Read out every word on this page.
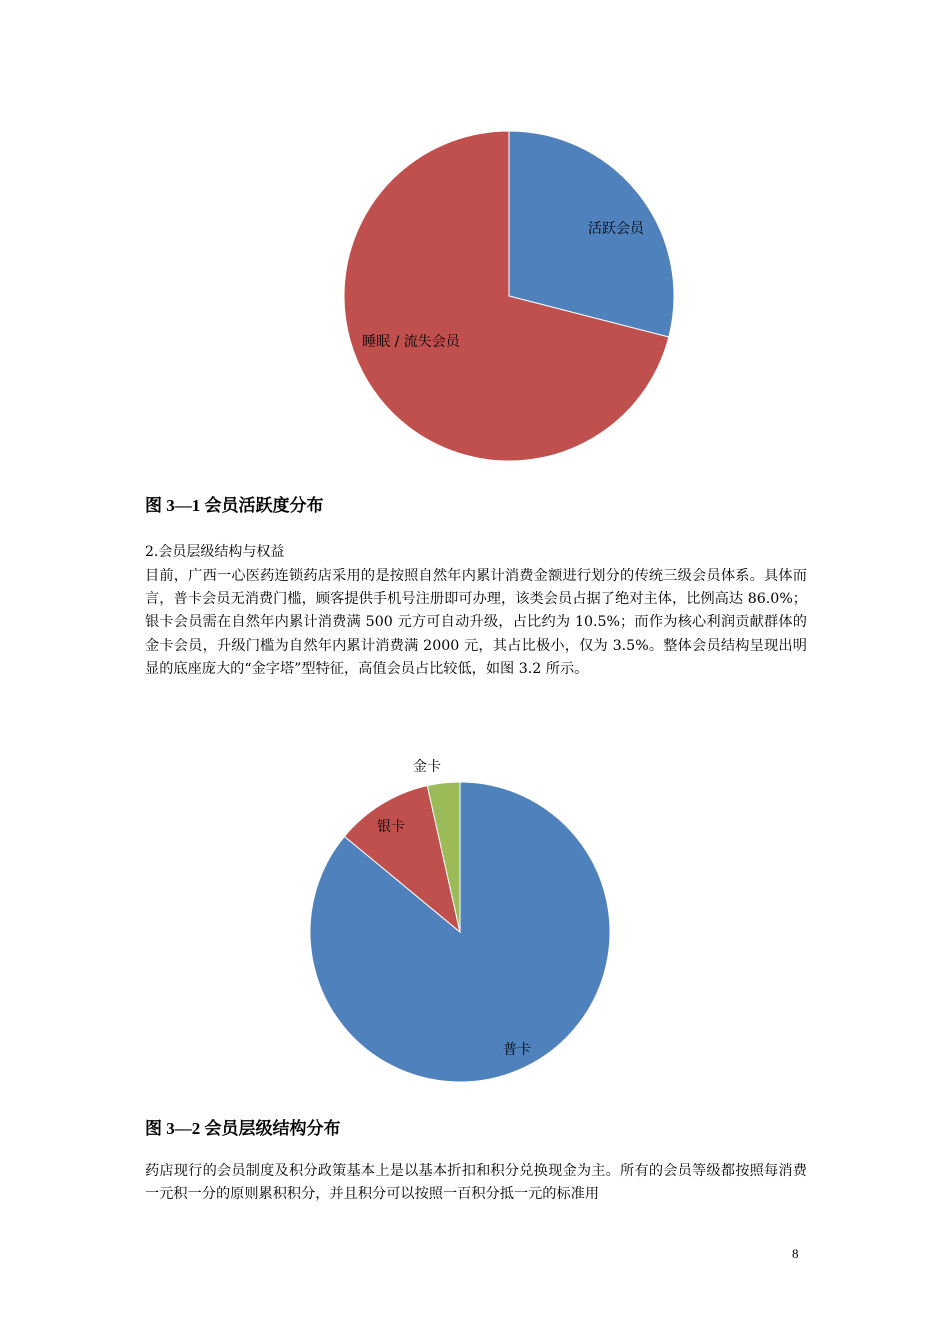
活跃会员
睡眠 / 流失会员
图 3—1 会员活跃度分布
2.会员层级结构与权益
目前，广西一心医药连锁药店采用的是按照自然年内累计消费金额进行划分的传统三级会员体系。具体而言，普卡会员无消费门槛，顾客提供手机号注册即可办理，该类会员占据了绝对主体，比例高达 86.0%；银卡会员需在自然年内累计消费满 500 元方可自动升级，占比约为 10.5%；而作为核心利润贡献群体的金卡会员，升级门槛为自然年内累计消费满 2000 元，其占比极小，仅为 3.5%。整体会员结构呈现出明显的底座庞大的“金字塔”型特征，高值会员占比较低，如图 3.2 所示。
普卡
银卡
金卡
图 3—2 会员层级结构分布
药店现行的会员制度及积分政策基本上是以基本折扣和积分兑换现金为主。所有的会员等级都按照每消费一元积一分的原则累积积分，并且积分可以按照一百积分抵一元的标准用
8
